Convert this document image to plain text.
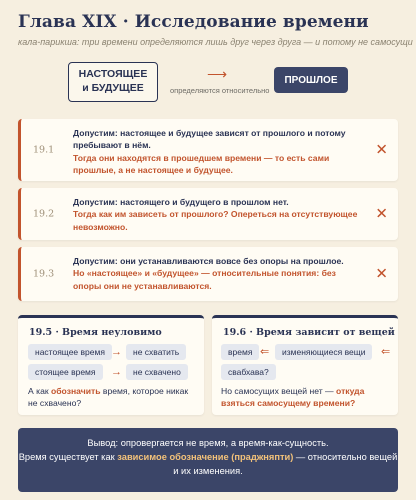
Глава XIX · Исследование времени
кала-парикша: три времени определяются лишь друг через друга — и потому не самосущи
НАСТОЯЩЕЕ
и БУДУЩЕЕ
⟶
определяются относительно
ПРОШЛОЕ
19.1
Допустим: настоящее и будущее зависят от прошлого и потому пребывают в нём.
Тогда они находятся в прошедшем времени — то есть сами прошлые, а не настоящее и будущее.
✕
19.2
Допустим: настоящего и будущего в прошлом нет.
Тогда как им зависеть от прошлого? Опереться на отсутствующее невозможно.
✕
19.3
Допустим: они устанавливаются вовсе без опоры на прошлое.
Но «настоящее» и «будущее» — относительные понятия: без опоры они не устанавливаются.
✕
19.5 · Время неуловимо
настоящее время →	не схватить
стоящее время	→	не схвачено
А как обозначить время, которое никак не схвачено?
19.6 · Время зависит от вещей
время ⇐	изменяющиеся вещи	⇐
свабхава?
Но самосущих вещей нет — откуда взяться самосущему времени?
Вывод: опровергается не время, а время-как-сущность.
Время существует как зависимое обозначение (праджняпти) — относительно вещей и их изменения.
